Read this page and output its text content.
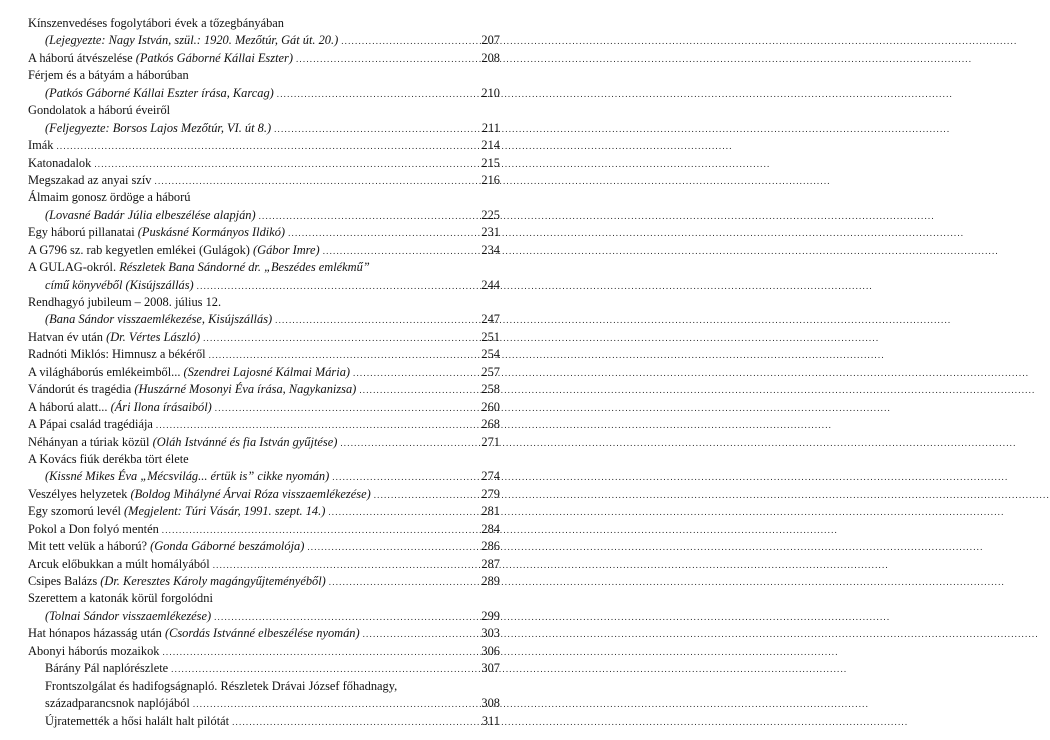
Kínszenvedéses fogolytábori évek a tőzegbányában
(Lejegyezte: Nagy István, szül.: 1920. Mezőtúr, Gát út. 20.) .....	207
A háború átvészelése (Patkós Gáborné Kállai Eszter) .....	208
Férjem és a bátyám a háborúban
(Patkós Gáborné Kállai Eszter írása, Karcag) .....	210
Gondolatok a háború éveiről
(Feljegyezte: Borsos Lajos Mezőtúr, VI. út 8.) .....	211
Imák .....	214
Katonadalok .....	215
Megszakad az anyai szív .....	216
Álmaim gonosz ördöge a háború
(Lovasné Badár Júlia elbeszélése alapján) .....	225
Egy háború pillanatai (Puskásné Kormányos Ildikó) .....	231
A G796 sz. rab kegyetlen emlékei (Gulágok) (Gábor Imre) .....	234
A GULAG-okról. Részletek Bana Sándorné dr. „Beszédes emlékmű”
című könyvéből (Kisújszállás) .....	244
Rendhagyó jubileum – 2008. július 12.
(Bana Sándor visszaemlékezése, Kisújszállás) .....	247
Hatvan év után (Dr. Vértes László) .....	251
Radnóti Miklós: Himnusz a békéről .....	254
A világháborús emlékeimből... (Szendrei Lajosné Kálmai Mária) .....	257
Vándorút és tragédia (Huszárné Mosonyi Éva írása, Nagykanizsa) .....	258
A háború alatt... (Ári Ilona írásaiból) .....	260
A Pápai család tragédiája .....	268
Néhányan a túriak közül (Oláh Istvánné és fia István gyűjtése) .....	271
A Kovács fiúk derékba tört élete
(Kissné Mikes Éva „Mécsvilág... értük is” cikke nyomán) .....	274
Veszélyes helyzetek (Boldog Mihályné Árvai Róza visszaemlékezése) .....	279
Egy szomorú levél (Megjelent: Túri Vásár, 1991. szept. 14.) .....	281
Pokol a Don folyó mentén .....	284
Mit tett velük a háború? (Gonda Gáborné beszámolója) .....	286
Arcuk előbukkan a múlt homályából .....	287
Csipes Balázs (Dr. Keresztes Károly magángyűjteményéből) .....	289
Szerettem a katonák körül forgolódni
(Tolnai Sándor visszaemlékezése) .....	299
Hat hónapos házasság után (Csordás Istvánné elbeszélése nyomán) .....	303
Abonyi háborús mozaikok .....	306
Bárány Pál naplórészlete .....	307
Frontszolgálat és hadifogságnapló. Részletek Drávai József főhadnagy,
századparancsnok naplójából .....	308
Újratemették a hősi halált halt pilótát .....	311
